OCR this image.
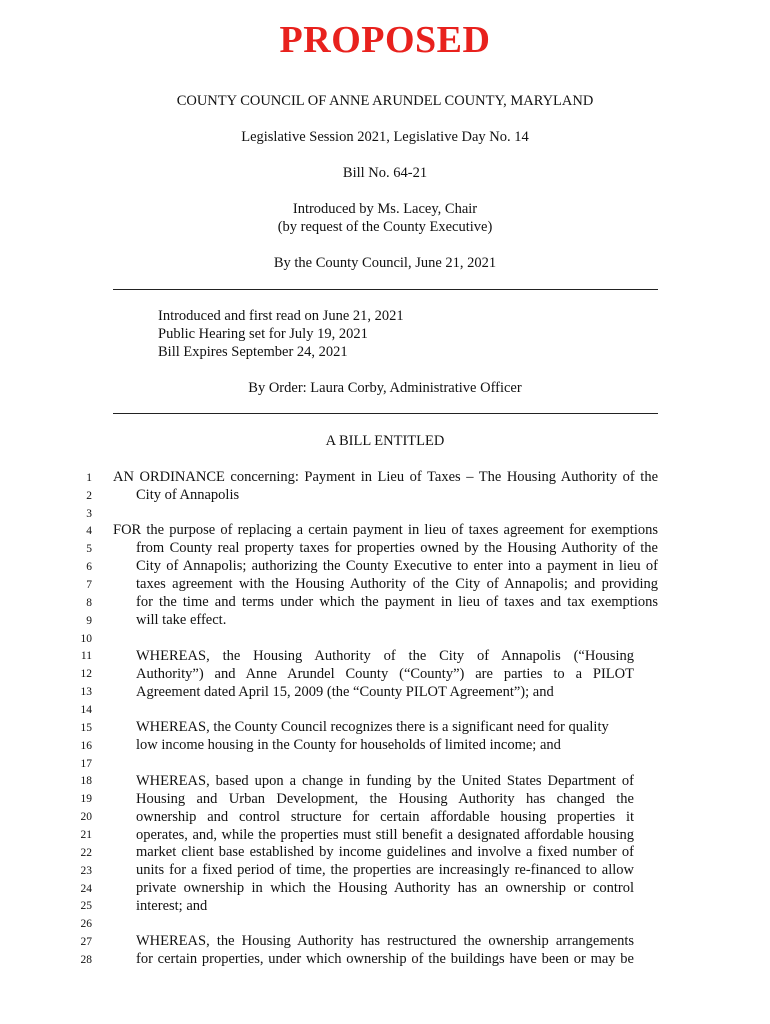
PROPOSED
COUNTY COUNCIL OF ANNE ARUNDEL COUNTY, MARYLAND
Legislative Session 2021, Legislative Day No. 14
Bill No. 64-21
Introduced by Ms. Lacey, Chair
(by request of the County Executive)
By the County Council, June 21, 2021
Introduced and first read on June 21, 2021
Public Hearing set for July 19, 2021
Bill Expires September 24, 2021
By Order: Laura Corby, Administrative Officer
A BILL ENTITLED
1
2
3
4
5
6
7
8
9
10
11
12
13
14
15
16
17
18
19
20
21
22
23
24
25
26
27
28
AN ORDINANCE concerning: Payment in Lieu of Taxes – The Housing Authority of the
City of Annapolis
FOR the purpose of replacing a certain payment in lieu of taxes agreement for exemptions
from County real property taxes for properties owned by the Housing Authority of the
City of Annapolis; authorizing the County Executive to enter into a payment in lieu of
taxes agreement with the Housing Authority of the City of Annapolis; and providing
for the time and terms under which the payment in lieu of taxes and tax exemptions
will take effect.
WHEREAS, the Housing Authority of the City of Annapolis (“Housing
Authority”) and Anne Arundel County (“County”) are parties to a PILOT
Agreement dated April 15, 2009 (the “County PILOT Agreement”); and
WHEREAS, the County Council recognizes there is a significant need for quality
low income housing in the County for households of limited income; and
WHEREAS, based upon a change in funding by the United States Department of
Housing and Urban Development, the Housing Authority has changed the
ownership and control structure for certain affordable housing properties it
operates, and, while the properties must still benefit a designated affordable housing
market client base established by income guidelines and involve a fixed number of
units for a fixed period of time, the properties are increasingly re-financed to allow
private ownership in which the Housing Authority has an ownership or control
interest; and
WHEREAS, the Housing Authority has restructured the ownership arrangements
for certain properties, under which ownership of the buildings have been or may be
